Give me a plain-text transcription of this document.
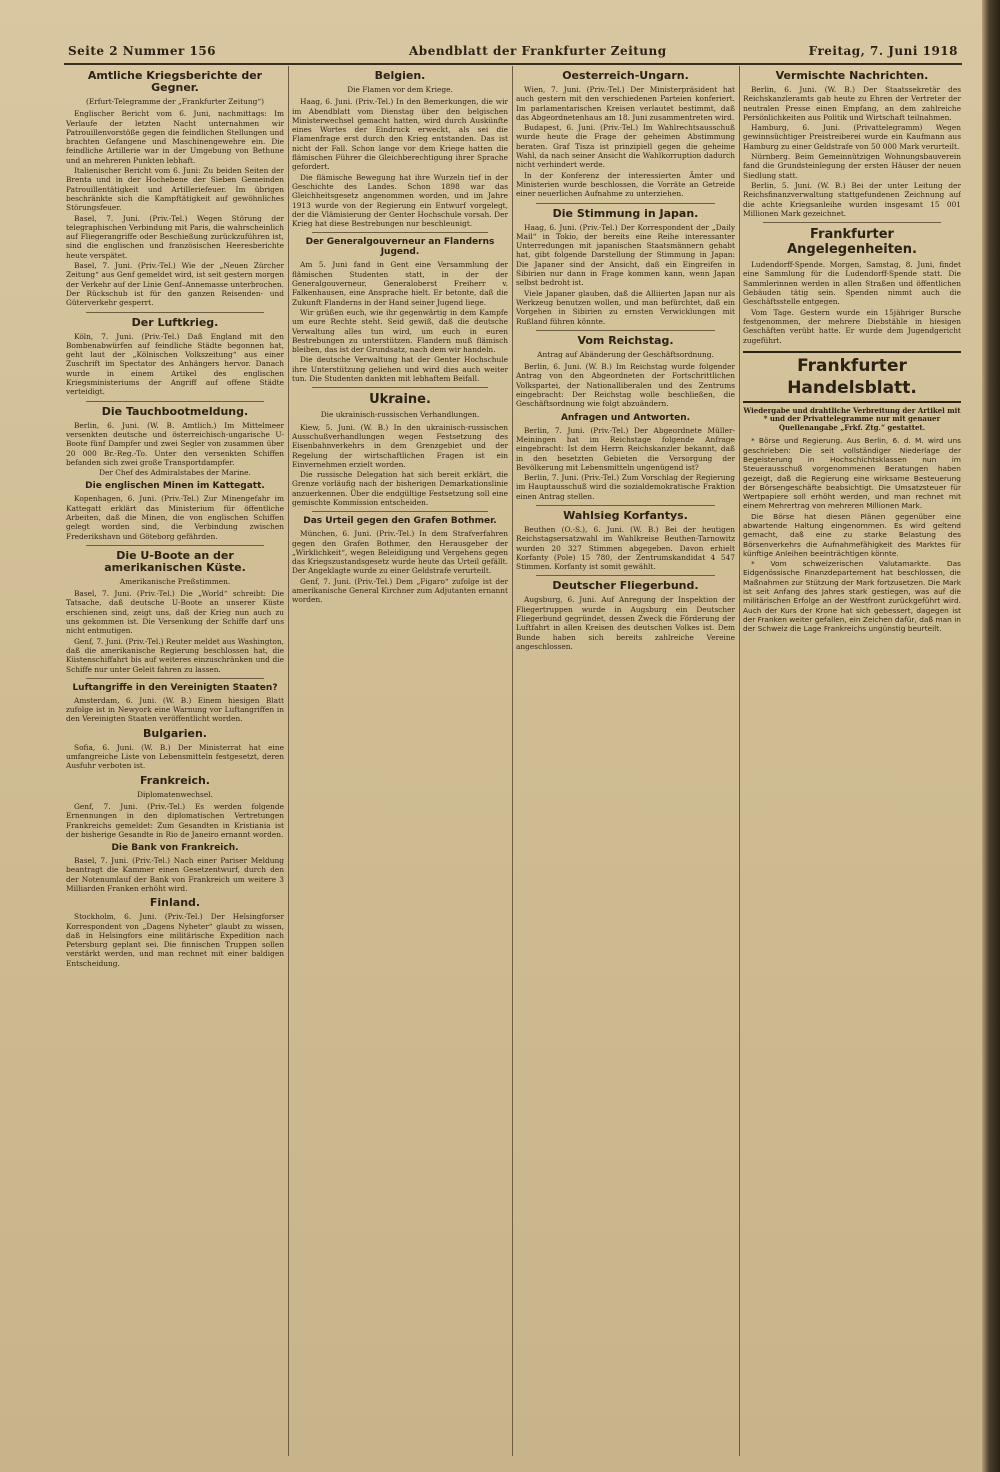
Seite 2 Nummer 156	Abendblatt der Frankfurter Zeitung	Freitag, 7. Juni 1918
Amtliche Kriegsberichte der Gegner.
(Erfurt-Telegramme der „Frankfurter Zeitung“)

Englischer Bericht vom 6. Juni, nachmittags: Im Verlaufe der letzten Nacht unternahmen wir Patrouillenvorstöße gegen die feindlichen Stellungen und brachten Gefangene und Maschinengewehre ein. Die feindliche Artillerie war in der Umgebung von Bethune und an mehreren Punkten lebhaft.

Italienischer Bericht vom 6. Juni: Zu beiden Seiten der Brenta und in der Hochebene der Sieben Gemeinden Patrouillentätigkeit und Artilleriefeuer. Im übrigen beschränkte sich die Kampftätigkeit auf gewöhnliches Störungsfeuer.

Basel, 7. Juni. (Priv.-Tel.) Wegen Störung der telegraphischen Verbindung mit Paris, die wahrscheinlich auf Fliegerangriffe oder Beschießung zurückzuführen ist, sind die englischen und französischen Heeresberichte heute verspätet.

Basel, 7. Juni. (Priv.-Tel.) Wie der „Neuen Zürcher Zeitung“ aus Genf gemeldet wird, ist seit gestern morgen der Verkehr auf der Linie Genf–Annemasse unterbrochen. Der Rückschub ist für den ganzen Reisenden- und Güterverkehr gesperrt.

Der Luftkrieg.

Köln, 7. Juni. (Priv.-Tel.) Daß England mit den Bombenabwürfen auf feindliche Städte begonnen hat, geht laut der „Kölnischen Volkszeitung“ aus einer Zuschrift im Spectator des Anhängers hervor. Danach wurde in einem Artikel des englischen Kriegsministeriums der Angriff auf offene Städte verteidigt.

Die Tauchbootmeldung.

Berlin, 6. Juni. (W. B. Amtlich.) Im Mittelmeer versenkten deutsche und österreichisch-ungarische U-Boote fünf Dampfer und zwei Segler von zusammen über 20 000 Br.-Reg.-To. Unter den versenkten Schiffen befanden sich zwei große Transportdampfer.

Der Chef des Admiralstabes der Marine.
Die englischen Minen im Kattegatt.

Kopenhagen, 6. Juni. (Priv.-Tel.) Zur Minengefahr im Kattegatt erklärt das Ministerium für öffentliche Arbeiten, daß die Minen, die von englischen Schiffen gelegt worden sind, die Verbindung zwischen Frederikshavn und Göteborg gefährden.

Die U-Boote an der amerikanischen Küste.
Amerikanische Preßstimmen.

Basel, 7. Juni. (Priv.-Tel.) Die „World“ schreibt: Die Tatsache, daß deutsche U-Boote an unserer Küste erschienen sind, zeigt uns, daß der Krieg nun auch zu uns gekommen ist. Die Versenkung der Schiffe darf uns nicht entmutigen.

Genf, 7. Juni. (Priv.-Tel.) Reuter meldet aus Washington, daß die amerikanische Regierung beschlossen hat, die Küstenschiffahrt bis auf weiteres einzuschränken und die Schiffe nur unter Geleit fahren zu lassen.

Luftangriffe in den Vereinigten Staaten?

Amsterdam, 6. Juni. (W. B.) Einem hiesigen Blatt zufolge ist in Newyork eine Warnung vor Luftangriffen in den Vereinigten Staaten veröffentlicht worden.

Bulgarien.

Sofia, 6. Juni. (W. B.) Der Ministerrat hat eine umfangreiche Liste von Lebensmitteln festgesetzt, deren Ausfuhr verboten ist.

Frankreich.
Diplomatenwechsel.

Genf, 7. Juni. (Priv.-Tel.) Es werden folgende Ernennungen in den diplomatischen Vertretungen Frankreichs gemeldet: Zum Gesandten in Kristiania ist der bisherige Gesandte in Rio de Janeiro ernannt worden.

Die Bank von Frankreich.

Basel, 7. Juni. (Priv.-Tel.) Nach einer Pariser Meldung beantragt die Kammer einen Gesetzentwurf, durch den der Notenumlauf der Bank von Frankreich um weitere 3 Milliarden Franken erhöht wird.

Finland.

Stockholm, 6. Juni. (Priv.-Tel.) Der Helsingforser Korrespondent von „Dagens Nyheter“ glaubt zu wissen, daß in Helsingfors eine militärische Expedition nach Petersburg geplant sei. Die finnischen Truppen sollen verstärkt werden, und man rechnet mit einer baldigen Entscheidung.

Belgien.
Die Flamen vor dem Kriege.

Haag, 6. Juni. (Priv.-Tel.) In den Bemerkungen, die wir im Abendblatt vom Dienstag über den belgischen Ministerwechsel gemacht hatten, wird durch Auskünfte eines Wortes der Eindruck erweckt, als sei die Flamenfrage erst durch den Krieg entstanden. Das ist nicht der Fall. Schon lange vor dem Kriege hatten die flämischen Führer die Gleichberechtigung ihrer Sprache gefordert.

Die flämische Bewegung hat ihre Wurzeln tief in der Geschichte des Landes. Schon 1898 war das Gleichheitsgesetz angenommen worden, und im Jahre 1913 wurde von der Regierung ein Entwurf vorgelegt, der die Vlämisierung der Genter Hochschule vorsah. Der Krieg hat diese Bestrebungen nur beschleunigt.

Der Generalgouverneur an Flanderns Jugend.

Am 5. Juni fand in Gent eine Versammlung der flämischen Studenten statt, in der der Generalgouverneur, Generaloberst Freiherr v. Falkenhausen, eine Ansprache hielt. Er betonte, daß die Zukunft Flanderns in der Hand seiner Jugend liege.

Wir grüßen euch, wie ihr gegenwärtig in dem Kampfe um eure Rechte steht. Seid gewiß, daß die deutsche Verwaltung alles tun wird, um euch in euren Bestrebungen zu unterstützen. Flandern muß flämisch bleiben, das ist der Grundsatz, nach dem wir handeln.

Die deutsche Verwaltung hat der Genter Hochschule ihre Unterstützung geliehen und wird dies auch weiter tun. Die Studenten dankten mit lebhaftem Beifall.

Ukraine.
Die ukrainisch-russischen Verhandlungen.

Kiew, 5. Juni. (W. B.) In den ukrainisch-russischen Ausschußverhandlungen wegen Festsetzung des Eisenbahnverkehrs in dem Grenzgebiet und der Regelung der wirtschaftlichen Fragen ist ein Einvernehmen erzielt worden.

Die russische Delegation hat sich bereit erklärt, die Grenze vorläufig nach der bisherigen Demarkationslinie anzuerkennen. Über die endgültige Festsetzung soll eine gemischte Kommission entscheiden.

Das Urteil gegen den Grafen Bothmer.

München, 6. Juni. (Priv.-Tel.) In dem Strafverfahren gegen den Grafen Bothmer, den Herausgeber der „Wirklichkeit“, wegen Beleidigung und Vergehens gegen das Kriegszustandsgesetz wurde heute das Urteil gefällt. Der Angeklagte wurde zu einer Geldstrafe verurteilt.

Genf, 7. Juni. (Priv.-Tel.) Dem „Figaro“ zufolge ist der amerikanische General Kirchner zum Adjutanten ernannt worden.

Oesterreich-Ungarn.

Wien, 7. Juni. (Priv.-Tel.) Der Ministerpräsident hat auch gestern mit den verschiedenen Parteien konferiert. Im parlamentarischen Kreisen verlautet bestimmt, daß das Abgeordnetenhaus am 18. Juni zusammentreten wird.

Budapest, 6. Juni. (Priv.-Tel.) Im Wahlrechtsausschuß wurde heute die Frage der geheimen Abstimmung beraten. Graf Tisza ist prinzipiell gegen die geheime Wahl, da nach seiner Ansicht die Wahlkorruption dadurch nicht verhindert werde.

In der Konferenz der interessierten Ämter und Ministerien wurde beschlossen, die Vorräte an Getreide einer neuerlichen Aufnahme zu unterziehen.

Die Stimmung in Japan.

Haag, 6. Juni. (Priv.-Tel.) Der Korrespondent der „Daily Mail“ in Tokio, der bereits eine Reihe interessanter Unterredungen mit japanischen Staatsmännern gehabt hat, gibt folgende Darstellung der Stimmung in Japan: Die Japaner sind der Ansicht, daß ein Eingreifen in Sibirien nur dann in Frage kommen kann, wenn Japan selbst bedroht ist.

Viele Japaner glauben, daß die Alliierten Japan nur als Werkzeug benutzen wollen, und man befürchtet, daß ein Vorgehen in Sibirien zu ernsten Verwicklungen mit Rußland führen könnte.

Vom Reichstag.
Antrag auf Abänderung der Geschäftsordnung.

Berlin, 6. Juni. (W. B.) Im Reichstag wurde folgender Antrag von den Abgeordneten der Fortschrittlichen Volkspartei, der Nationalliberalen und des Zentrums eingebracht: Der Reichstag wolle beschließen, die Geschäftsordnung wie folgt abzuändern.

Anfragen und Antworten.

Berlin, 7. Juni. (Priv.-Tel.) Der Abgeordnete Müller-Meiningen hat im Reichstage folgende Anfrage eingebracht: Ist dem Herrn Reichskanzler bekannt, daß in den besetzten Gebieten die Versorgung der Bevölkerung mit Lebensmitteln ungenügend ist?

Berlin, 7. Juni. (Priv.-Tel.) Zum Vorschlag der Regierung im Hauptausschuß wird die sozialdemokratische Fraktion einen Antrag stellen.

Wahlsieg Korfantys.

Beuthen (O.-S.), 6. Juni. (W. B.) Bei der heutigen Reichstagsersatzwahl im Wahlkreise Beuthen-Tarnowitz wurden 20 327 Stimmen abgegeben. Davon erhielt Korfanty (Pole) 15 780, der Zentrumskandidat 4 547 Stimmen. Korfanty ist somit gewählt.

Deutscher Fliegerbund.

Augsburg, 6. Juni. Auf Anregung der Inspektion der Fliegertruppen wurde in Augsburg ein Deutscher Fliegerbund gegründet, dessen Zweck die Förderung der Luftfahrt in allen Kreisen des deutschen Volkes ist. Dem Bunde haben sich bereits zahlreiche Vereine angeschlossen.

Vermischte Nachrichten.

Berlin, 6. Juni. (W. B.) Der Staatssekretär des Reichskanzleramts gab heute zu Ehren der Vertreter der neutralen Presse einen Empfang, an dem zahlreiche Persönlichkeiten aus Politik und Wirtschaft teilnahmen.

Hamburg, 6. Juni. (Privattelegramm) Wegen gewinnsüchtiger Preistreiberei wurde ein Kaufmann aus Hamburg zu einer Geldstrafe von 50 000 Mark verurteilt.

Nürnberg. Beim Gemeinnützigen Wohnungsbauverein fand die Grundsteinlegung der ersten Häuser der neuen Siedlung statt.

Berlin, 5. Juni. (W. B.) Bei der unter Leitung der Reichsfinanzverwaltung stattgefundenen Zeichnung auf die achte Kriegsanleihe wurden insgesamt 15 001 Millionen Mark gezeichnet.

Frankfurter Angelegenheiten.

Ludendorff-Spende. Morgen, Samstag, 8. Juni, findet eine Sammlung für die Ludendorff-Spende statt. Die Sammlerinnen werden in allen Straßen und öffentlichen Gebäuden tätig sein. Spenden nimmt auch die Geschäftsstelle entgegen.

Vom Tage. Gestern wurde ein 15jähriger Bursche festgenommen, der mehrere Diebstähle in hiesigen Geschäften verübt hatte. Er wurde dem Jugendgericht zugeführt.

Frankfurter Handelsblatt.
Wiedergabe und drahtliche Verbreitung der Artikel mit * und der Privattelegramme nur mit genauer Quellenangabe „Frkf. Ztg.“ gestattet.

* Börse und Regierung. Aus Berlin, 6. d. M. wird uns geschrieben: Die seit vollständiger Niederlage der Begeisterung in Hochschichtsklassen nun im Steuerausschuß vorgenommenen Beratungen haben gezeigt, daß die Regierung eine wirksame Besteuerung der Börsengeschäfte beabsichtigt. Die Umsatzsteuer für Wertpapiere soll erhöht werden, und man rechnet mit einem Mehrertrag von mehreren Millionen Mark.

Die Börse hat diesen Plänen gegenüber eine abwartende Haltung eingenommen. Es wird geltend gemacht, daß eine zu starke Belastung des Börsenverkehrs die Aufnahmefähigkeit des Marktes für künftige Anleihen beeinträchtigen könnte.

* Vom schweizerischen Valutamarkte. Das Eidgenössische Finanzdepartement hat beschlossen, die Maßnahmen zur Stützung der Mark fortzusetzen. Die Mark ist seit Anfang des Jahres stark gestiegen, was auf die militärischen Erfolge an der Westfront zurückgeführt wird. Auch der Kurs der Krone hat sich gebessert, dagegen ist der Franken weiter gefallen, ein Zeichen dafür, daß man in der Schweiz die Lage Frankreichs ungünstig beurteilt.
